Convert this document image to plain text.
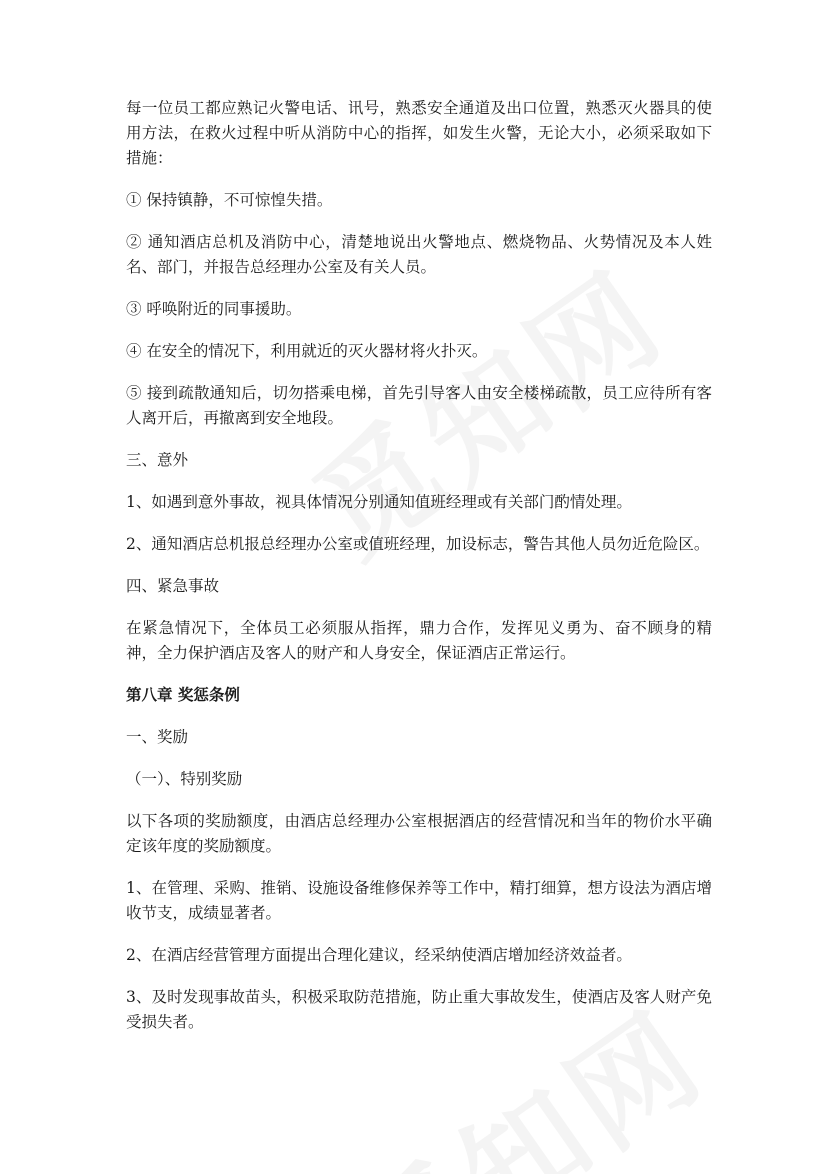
每一位员工都应熟记火警电话、讯号，熟悉安全通道及出口位置，熟悉灭火器具的使用方法，在救火过程中听从消防中心的指挥，如发生火警，无论大小，必须采取如下措施：

① 保持镇静，不可惊惶失措。

② 通知酒店总机及消防中心，清楚地说出火警地点、燃烧物品、火势情况及本人姓名、部门，并报告总经理办公室及有关人员。

③ 呼唤附近的同事援助。

④ 在安全的情况下，利用就近的灭火器材将火扑灭。

⑤ 接到疏散通知后，切勿搭乘电梯，首先引导客人由安全楼梯疏散，员工应待所有客人离开后，再撤离到安全地段。

三、意外

1、如遇到意外事故，视具体情况分别通知值班经理或有关部门酌情处理。

2、通知酒店总机报总经理办公室或值班经理，加设标志，警告其他人员勿近危险区。

四、紧急事故

在紧急情况下，全体员工必须服从指挥，鼎力合作，发挥见义勇为、奋不顾身的精神，全力保护酒店及客人的财产和人身安全，保证酒店正常运行。

第八章 奖惩条例

一、奖励

（一）、特别奖励

以下各项的奖励额度，由酒店总经理办公室根据酒店的经营情况和当年的物价水平确定该年度的奖励额度。

1、在管理、采购、推销、设施设备维修保养等工作中，精打细算，想方设法为酒店增收节支，成绩显著者。

2、在酒店经营管理方面提出合理化建议，经采纳使酒店增加经济效益者。

3、及时发现事故苗头，积极采取防范措施，防止重大事故发生，使酒店及客人财产免受损失者。
